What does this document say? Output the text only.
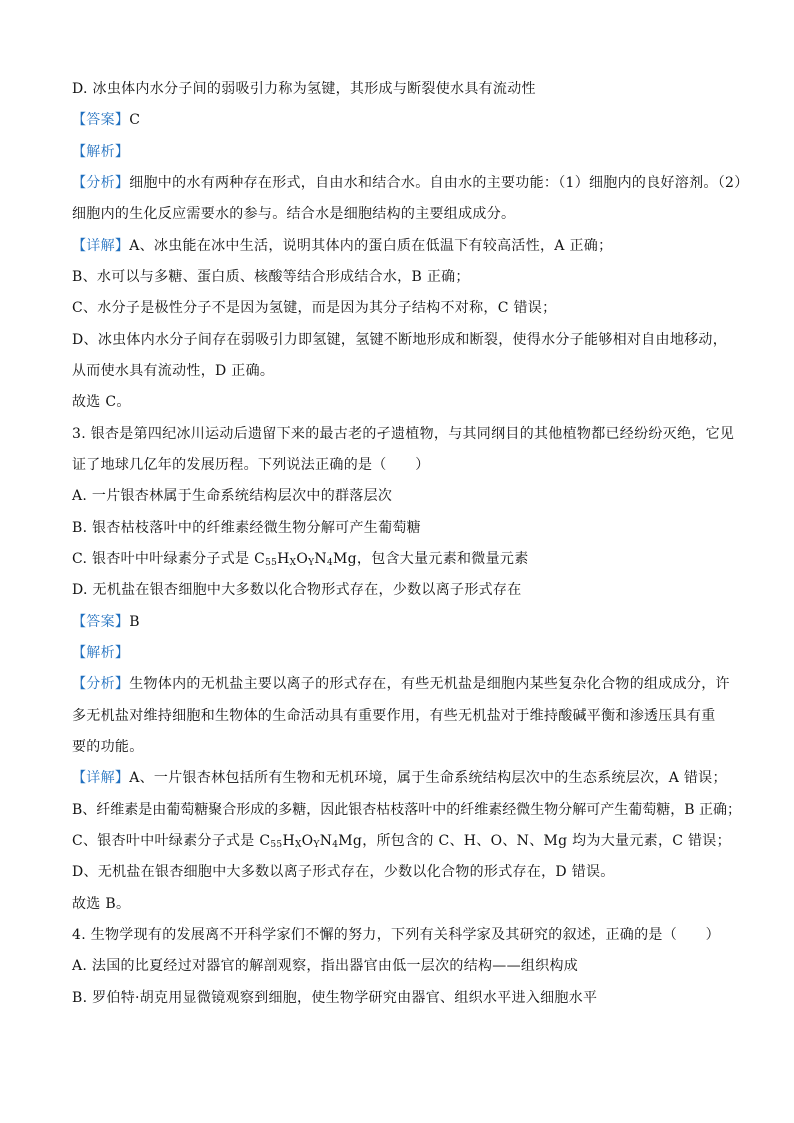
D. 冰虫体内水分子间的弱吸引力称为氢键，其形成与断裂使水具有流动性
【答案】C
【解析】
【分析】细胞中的水有两种存在形式，自由水和结合水。自由水的主要功能：（1）细胞内的良好溶剂。（2）
细胞内的生化反应需要水的参与。结合水是细胞结构的主要组成成分。
【详解】A、冰虫能在冰中生活，说明其体内的蛋白质在低温下有较高活性，A 正确；
B、水可以与多糖、蛋白质、核酸等结合形成结合水，B 正确；
C、水分子是极性分子不是因为氢键，而是因为其分子结构不对称，C 错误；
D、冰虫体内水分子间存在弱吸引力即氢键，氢键不断地形成和断裂，使得水分子能够相对自由地移动，
从而使水具有流动性，D 正确。
故选 C。
3. 银杏是第四纪冰川运动后遗留下来的最古老的孑遗植物，与其同纲目的其他植物都已经纷纷灭绝，它见
证了地球几亿年的发展历程。下列说法正确的是（　　）
A. 一片银杏林属于生命系统结构层次中的群落层次
B. 银杏枯枝落叶中的纤维素经微生物分解可产生葡萄糖
C. 银杏叶中叶绿素分子式是 $C_{55}H_XO_YN_4Mg$，包含大量元素和微量元素
D. 无机盐在银杏细胞中大多数以化合物形式存在，少数以离子形式存在
【答案】B
【解析】
【分析】生物体内的无机盐主要以离子的形式存在，有些无机盐是细胞内某些复杂化合物的组成成分，许
多无机盐对维持细胞和生物体的生命活动具有重要作用，有些无机盐对于维持酸碱平衡和渗透压具有重
要的功能。
【详解】A、一片银杏林包括所有生物和无机环境，属于生命系统结构层次中的生态系统层次，A 错误；
B、纤维素是由葡萄糖聚合形成的多糖，因此银杏枯枝落叶中的纤维素经微生物分解可产生葡萄糖，B 正确；
C、银杏叶中叶绿素分子式是 $C_{55}H_XO_YN_4Mg$，所包含的 C、H、O、N、Mg 均为大量元素，C 错误；
D、无机盐在银杏细胞中大多数以离子形式存在，少数以化合物的形式存在，D 错误。
故选 B。
4. 生物学现有的发展离不开科学家们不懈的努力，下列有关科学家及其研究的叙述，正确的是（　　）
A. 法国的比夏经过对器官的解剖观察，指出器官由低一层次的结构——组织构成
B. 罗伯特·胡克用显微镜观察到细胞，使生物学研究由器官、组织水平进入细胞水平
